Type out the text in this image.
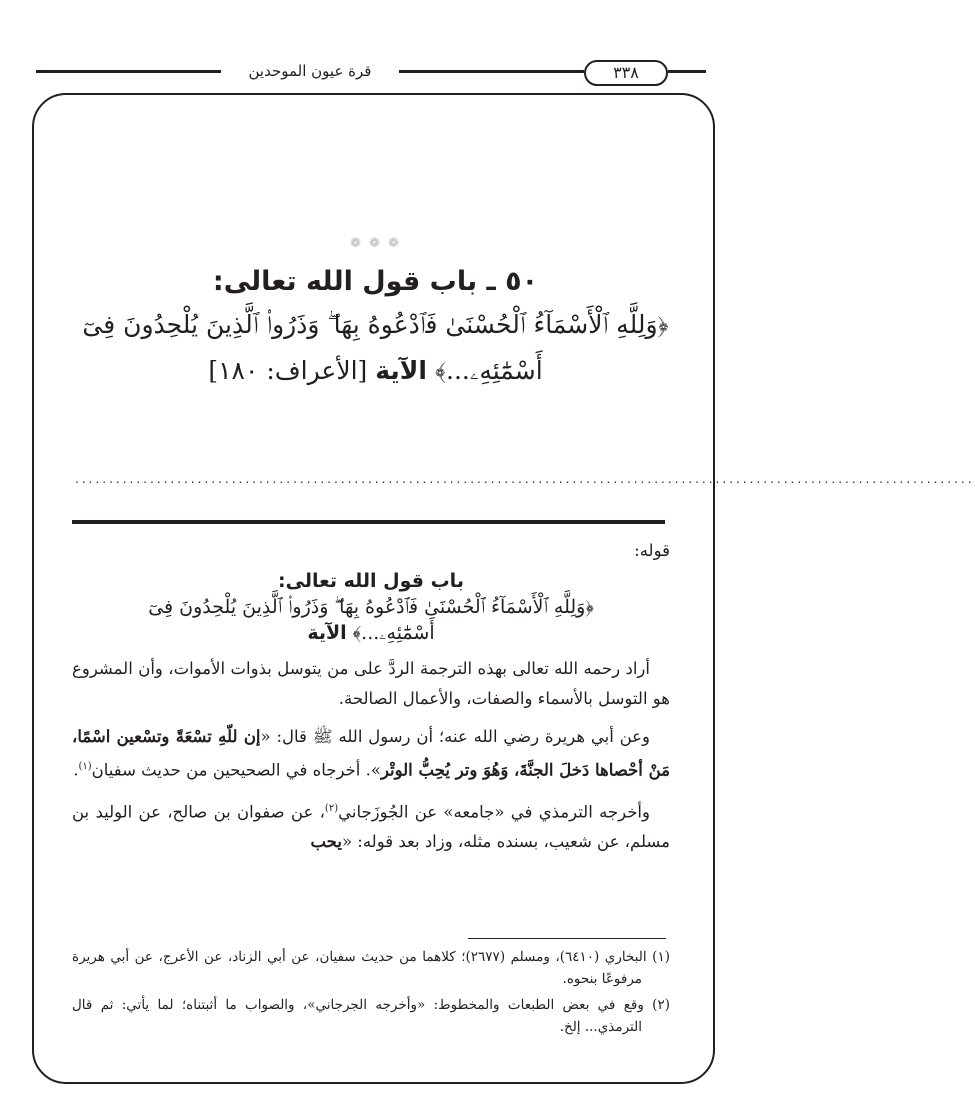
قرة عيون الموحدين	٣٣٨
❁ ❁ ❁
٥٠ ـ باب قول الله تعالى:
﴿وَلِلَّهِ ٱلْأَسْمَآءُ ٱلْحُسْنَىٰ فَٱدْعُوهُ بِهَا ۖ وَذَرُوا۟ ٱلَّذِينَ يُلْحِدُونَ فِىٓ أَسْمَٰٓئِهِۦ...﴾ الآية [الأعراف: ١٨٠]
....................................................................................................................................

قوله:

باب قول الله تعالى:

﴿وَلِلَّهِ ٱلْأَسْمَآءُ ٱلْحُسْنَىٰ فَٱدْعُوهُ بِهَا ۖ وَذَرُوا۟ ٱلَّذِينَ يُلْحِدُونَ فِىٓ أَسْمَٰٓئِهِۦ...﴾ الآية

أراد رحمه الله تعالى بهذه الترجمة الردَّ على من يتوسل بذوات الأموات، وأن المشروع هو التوسل بالأسماء والصفات، والأعمال الصالحة.

وعن أبي هريرة رضي الله عنه؛ أن رسول الله ﷺ قال: «إن للّهِ تسْعَةً وتسْعين اسْمًا، مَنْ أحْصاها دَخلَ الجنَّةَ، وَهُوَ وتر يُحِبُّ الوتْر». أخرجاه في الصحيحين من حديث سفيان$^{(١)}$.

وأخرجه الترمذي في «جامعه» عن الجُوزَجاني$^{(٢)}$، عن صفوان بن صالح، عن الوليد بن مسلم، عن شعيب، بسنده مثله، وزاد بعد قوله: «يحب

(١) البخاري (٦٤١٠)، ومسلم (٢٦٧٧)؛ كلاهما من حديث سفيان، عن أبي الزناد، عن الأعرج، عن أبي هريرة مرفوعًا بنحوه.

(٢) وقع في بعض الطبعات والمخطوط: «وأخرجه الجرجاني»، والصواب ما أثبتناه؛ لما يأتي: ثم قال الترمذي... إلخ.
